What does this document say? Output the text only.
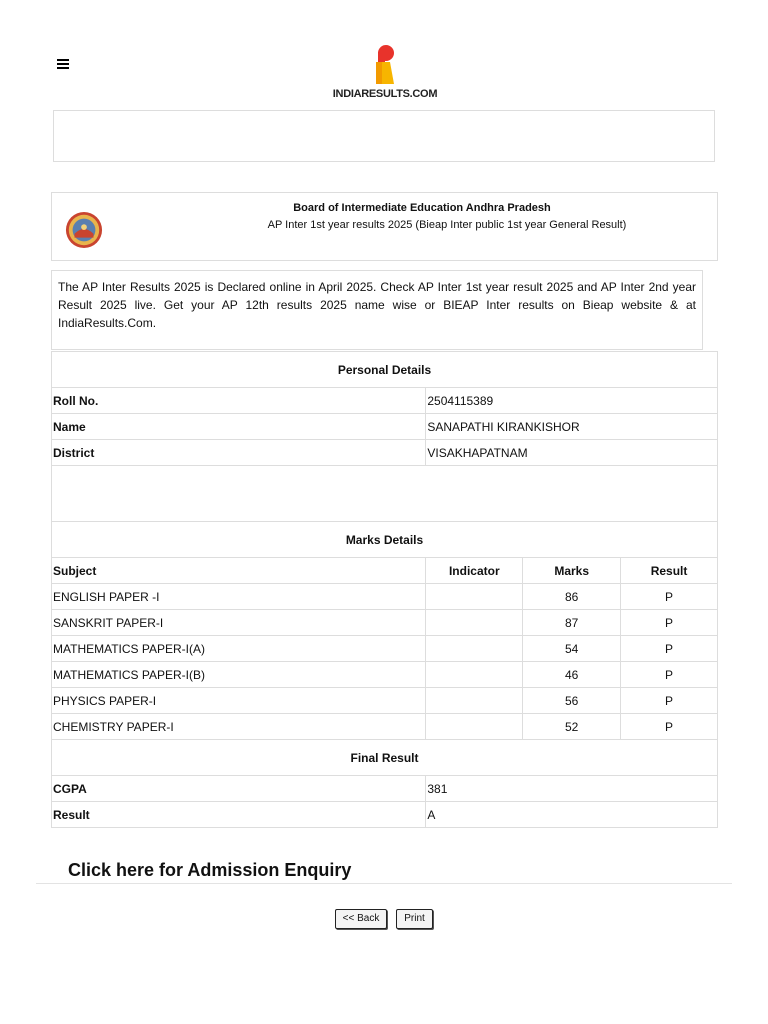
INDIARESULTS.COM
Board of Intermediate Education Andhra Pradesh
AP Inter 1st year results 2025 (Bieap Inter public 1st year General Result)
The AP Inter Results 2025 is Declared online in April 2025. Check AP Inter 1st year result 2025 and AP Inter 2nd year Result 2025 live. Get your AP 12th results 2025 name wise or BIEAP Inter results on Bieap website & at IndiaResults.Com.
Personal Details			
Roll No.	2504115389		
Name	SANAPATHI KIRANKISHOR		
District	VISAKHAPATNAM		

Marks Details			
Subject	Indicator	Marks	Result
ENGLISH PAPER -I		86	P
SANSKRIT PAPER-I		87	P
MATHEMATICS PAPER-I(A)		54	P
MATHEMATICS PAPER-I(B)		46	P
PHYSICS PAPER-I		56	P
CHEMISTRY PAPER-I		52	P
Final Result			
CGPA	381		
Result	A		
Click here for Admission Enquiry
<< Back	Print
